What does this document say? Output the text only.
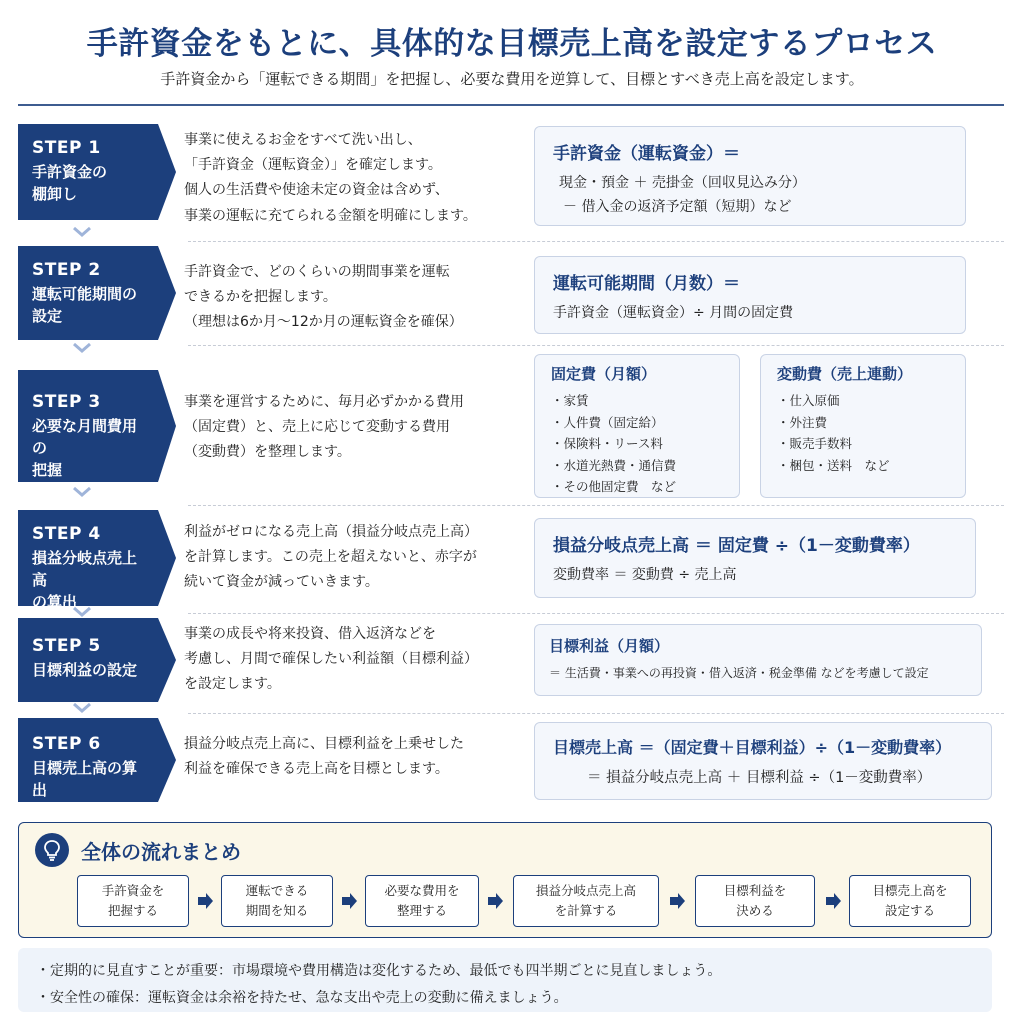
手許資金をもとに、具体的な目標売上高を設定するプロセス
手許資金から「運転できる期間」を把握し、必要な費用を逆算して、目標とすべき売上高を設定します。
STEP 1
手許資金の
棚卸し
事業に使えるお金をすべて洗い出し、
「手許資金（運転資金）」を確定します。
個人の生活費や使途未定の資金は含めず、
事業の運転に充てられる金額を明確にします。
手許資金（運転資金）＝
現金・預金 ＋ 売掛金（回収見込み分）
－ 借入金の返済予定額（短期）など
STEP 2
運転可能期間の
設定
手許資金で、どのくらいの期間事業を運転
できるかを把握します。
（理想は6か月～12か月の運転資金を確保）
運転可能期間（月数）＝
手許資金（運転資金）÷ 月間の固定費
STEP 3
必要な月間費用の
把握
事業を運営するために、毎月必ずかかる費用
（固定費）と、売上に応じて変動する費用
（変動費）を整理します。
固定費（月額）
・家賃
・人件費（固定給）
・保険料・リース料
・水道光熱費・通信費
・その他固定費　など
変動費（売上連動）
・仕入原価
・外注費
・販売手数料
・梱包・送料　など
STEP 4
損益分岐点売上高
の算出
利益がゼロになる売上高（損益分岐点売上高）
を計算します。この売上を超えないと、赤字が
続いて資金が減っていきます。
損益分岐点売上高 ＝ 固定費 ÷（1－変動費率）
変動費率 ＝ 変動費 ÷ 売上高
STEP 5
目標利益の設定
事業の成長や将来投資、借入返済などを
考慮し、月間で確保したい利益額（目標利益）
を設定します。
目標利益（月額）
＝ 生活費・事業への再投資・借入返済・税金準備 などを考慮して設定
STEP 6
目標売上高の算出
損益分岐点売上高に、目標利益を上乗せした
利益を確保できる売上高を目標とします。
目標売上高 ＝（固定費＋目標利益）÷（1－変動費率）
＝ 損益分岐点売上高 ＋ 目標利益 ÷（1－変動費率）
全体の流れまとめ
手許資金を
把握する
運転できる
期間を知る
必要な費用を
整理する
損益分岐点売上高
を計算する
目標利益を
決める
目標売上高を
設定する
・定期的に見直すことが重要：市場環境や費用構造は変化するため、最低でも四半期ごとに見直しましょう。
・安全性の確保：運転資金は余裕を持たせ、急な支出や売上の変動に備えましょう。
